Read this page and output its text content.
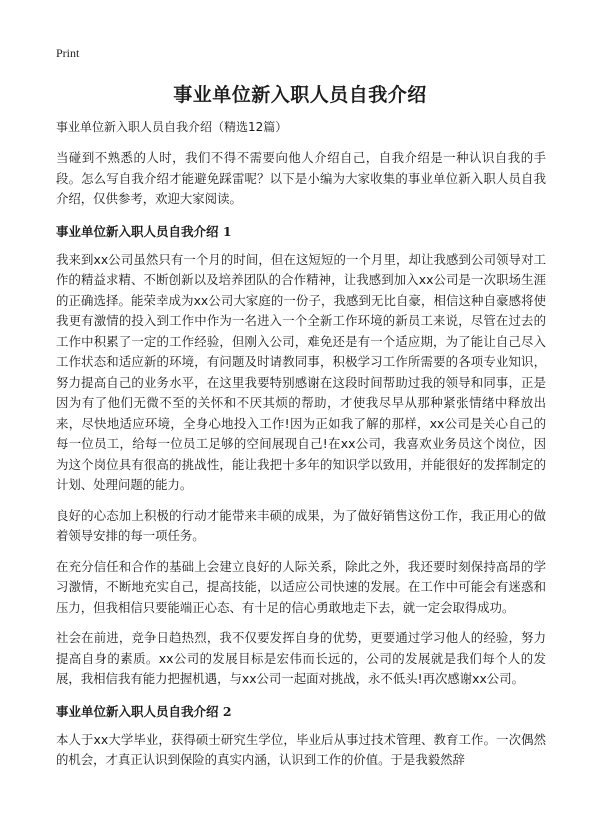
Print
事业单位新入职人员自我介绍
事业单位新入职人员自我介绍（精选12篇）

当碰到不熟悉的人时，我们不得不需要向他人介绍自己，自我介绍是一种认识自我的手段。怎么写自我介绍才能避免踩雷呢？以下是小编为大家收集的事业单位新入职人员自我介绍，仅供参考，欢迎大家阅读。

事业单位新入职人员自我介绍 1

我来到xx公司虽然只有一个月的时间，但在这短短的一个月里，却让我感到公司领导对工作的精益求精、不断创新以及培养团队的合作精神，让我感到加入xx公司是一次职场生涯的正确选择。能荣幸成为xx公司大家庭的一份子，我感到无比自豪，相信这种自豪感将使我更有激情的投入到工作中作为一名进入一个全新工作环境的新员工来说，尽管在过去的工作中积累了一定的工作经验，但刚入公司，难免还是有一个适应期，为了能让自己尽入工作状态和适应新的环境，有问题及时请教同事，积极学习工作所需要的各项专业知识，努力提高自己的业务水平，在这里我要特别感谢在这段时间帮助过我的领导和同事，正是因为有了他们无微不至的关怀和不厌其烦的帮助，才使我尽早从那种紧张情绪中释放出来，尽快地适应环境，全身心地投入工作!因为正如我了解的那样，xx公司是关心自己的每一位员工，给每一位员工足够的空间展现自己!在xx公司，我喜欢业务员这个岗位，因为这个岗位具有很高的挑战性，能让我把十多年的知识学以致用，并能很好的发挥制定的计划、处理问题的能力。

良好的心态加上积极的行动才能带来丰硕的成果，为了做好销售这份工作，我正用心的做着领导安排的每一项任务。

在充分信任和合作的基础上会建立良好的人际关系，除此之外，我还要时刻保持高昂的学习激情，不断地充实自己，提高技能，以适应公司快速的发展。在工作中可能会有迷惑和压力，但我相信只要能端正心态、有十足的信心勇敢地走下去，就一定会取得成功。

社会在前进，竞争日趋热烈，我不仅要发挥自身的优势，更要通过学习他人的经验，努力提高自身的素质。xx公司的发展目标是宏伟而长远的，公司的发展就是我们每个人的发展，我相信我有能力把握机遇，与xx公司一起面对挑战，永不低头!再次感谢xx公司。

事业单位新入职人员自我介绍 2

本人于xx大学毕业，获得硕士研究生学位，毕业后从事过技术管理、教育工作。一次偶然的机会，才真正认识到保险的真实内涵，认识到工作的价值。于是我毅然辞
